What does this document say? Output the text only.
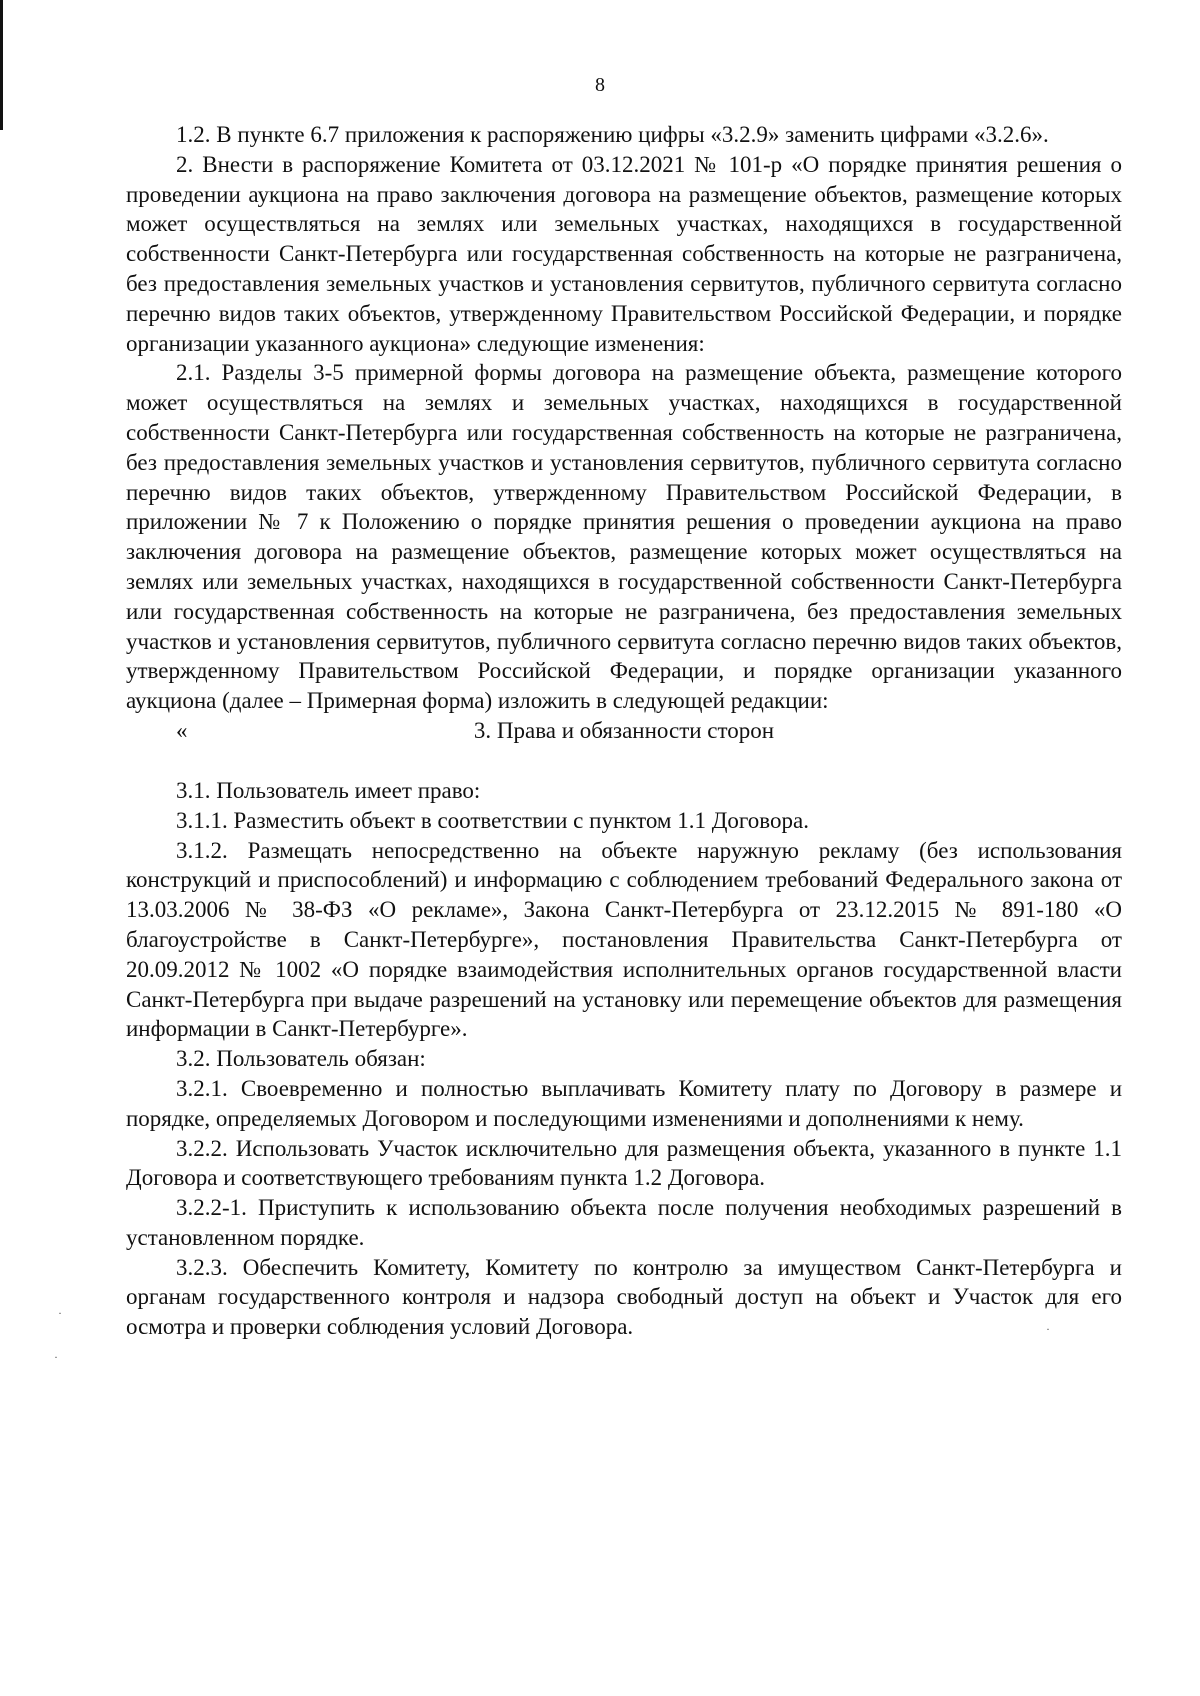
8

1.2. В пункте 6.7 приложения к распоряжению цифры «3.2.9» заменить цифрами «3.2.6».

2. Внести в распоряжение Комитета от 03.12.2021 № 101-р «О порядке принятия решения о проведении аукциона на право заключения договора на размещение объектов, размещение которых может осуществляться на землях или земельных участках, находящихся в государственной собственности Санкт-Петербурга или государственная собственность на которые не разграничена, без предоставления земельных участков и установления сервитутов, публичного сервитута согласно перечню видов таких объектов, утвержденному Правительством Российской Федерации, и порядке организации указанного аукциона» следующие изменения:

2.1. Разделы 3-5 примерной формы договора на размещение объекта, размещение которого может осуществляться на землях и земельных участках, находящихся в государственной собственности Санкт-Петербурга или государственная собственность на которые не разграничена, без предоставления земельных участков и установления сервитутов, публичного сервитута согласно перечню видов таких объектов, утвержденному Правительством Российской Федерации, в приложении № 7 к Положению о порядке принятия решения о проведении аукциона на право заключения договора на размещение объектов, размещение которых может осуществляться на землях или земельных участках, находящихся в государственной собственности Санкт-Петербурга или государственная собственность на которые не разграничена, без предоставления земельных участков и установления сервитутов, публичного сервитута согласно перечню видов таких объектов, утвержденному Правительством Российской Федерации, и порядке организации указанного аукциона (далее – Примерная форма) изложить в следующей редакции:

«	3. Права и обязанности сторон

3.1. Пользователь имеет право:

3.1.1. Разместить объект в соответствии с пунктом 1.1 Договора.

3.1.2. Размещать непосредственно на объекте наружную рекламу (без использования конструкций и приспособлений) и информацию с соблюдением требований Федерального закона от 13.03.2006 № 38-ФЗ «О рекламе», Закона Санкт-Петербурга от 23.12.2015 № 891-180 «О благоустройстве в Санкт-Петербурге», постановления Правительства Санкт-Петербурга от 20.09.2012 № 1002 «О порядке взаимодействия исполнительных органов государственной власти Санкт-Петербурга при выдаче разрешений на установку или перемещение объектов для размещения информации в Санкт-Петербурге».

3.2. Пользователь обязан:

3.2.1. Своевременно и полностью выплачивать Комитету плату по Договору в размере и порядке, определяемых Договором и последующими изменениями и дополнениями к нему.

3.2.2. Использовать Участок исключительно для размещения объекта, указанного в пункте 1.1 Договора и соответствующего требованиям пункта 1.2 Договора.

3.2.2-1. Приступить к использованию объекта после получения необходимых разрешений в установленном порядке.

3.2.3. Обеспечить Комитету, Комитету по контролю за имуществом Санкт-Петербурга и органам государственного контроля и надзора свободный доступ на объект и Участок для его осмотра и проверки соблюдения условий Договора.

·
·
·
